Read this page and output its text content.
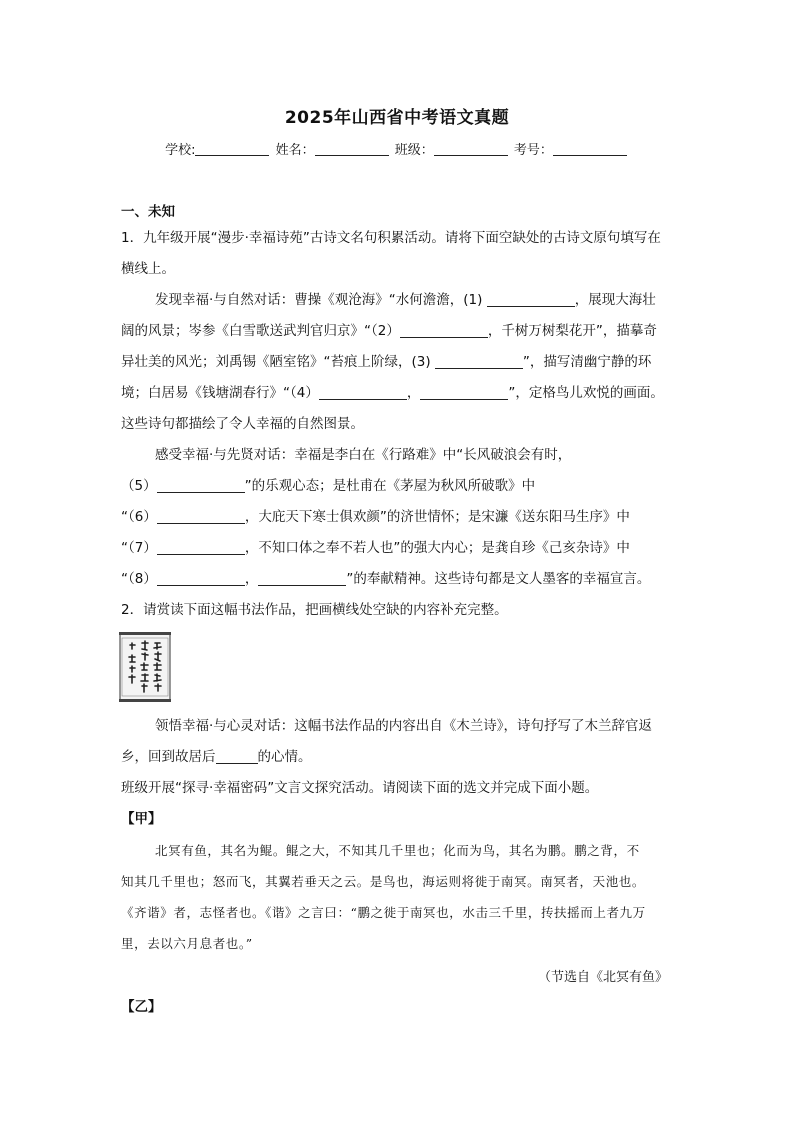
2025年山西省中考语文真题
学校:	姓名：	班级：	考号：
一、未知
1．九年级开展“漫步·幸福诗苑”古诗文名句积累活动。请将下面空缺处的古诗文原句填写在
横线上。
发现幸福·与自然对话：曹操《观沧海》“水何澹澹，(1)	，展现大海壮
阔的风景；岑参《白雪歌送武判官归京》“（2）	，千树万树梨花开”，描摹奇
异壮美的风光；刘禹锡《陋室铭》“苔痕上阶绿，(3)	”，描写清幽宁静的环
境；白居易《钱塘湖春行》“（4）	，	”，定格鸟儿欢悦的画面。
这些诗句都描绘了令人幸福的自然图景。
感受幸福·与先贤对话：幸福是李白在《行路难》中“长风破浪会有时，
（5）	”的乐观心态；是杜甫在《茅屋为秋风所破歌》中
“（6）	，大庇天下寒士俱欢颜”的济世情怀；是宋濂《送东阳马生序》中
“（7）	，不知口体之奉不若人也”的强大内心；是龚自珍《己亥杂诗》中
“（8）	，	”的奉献精神。这些诗句都是文人墨客的幸福宣言。
2．请赏读下面这幅书法作品，把画横线处空缺的内容补充完整。
领悟幸福·与心灵对话：这幅书法作品的内容出自《木兰诗》，诗句抒写了木兰辞官返
乡，回到故居后	的心情。
班级开展“探寻·幸福密码”文言文探究活动。请阅读下面的选文并完成下面小题。
【甲】
北冥有鱼，其名为鲲。鲲之大，不知其几千里也；化而为鸟，其名为鹏。鹏之背，不
知其几千里也；怒而飞，其翼若垂天之云。是鸟也，海运则将徙于南冥。南冥者，天池也。
《齐谐》者，志怪者也。《谐》之言曰：“鹏之徙于南冥也，水击三千里，抟扶摇而上者九万
里，去以六月息者也。”
（节选自《北冥有鱼》
【乙】
